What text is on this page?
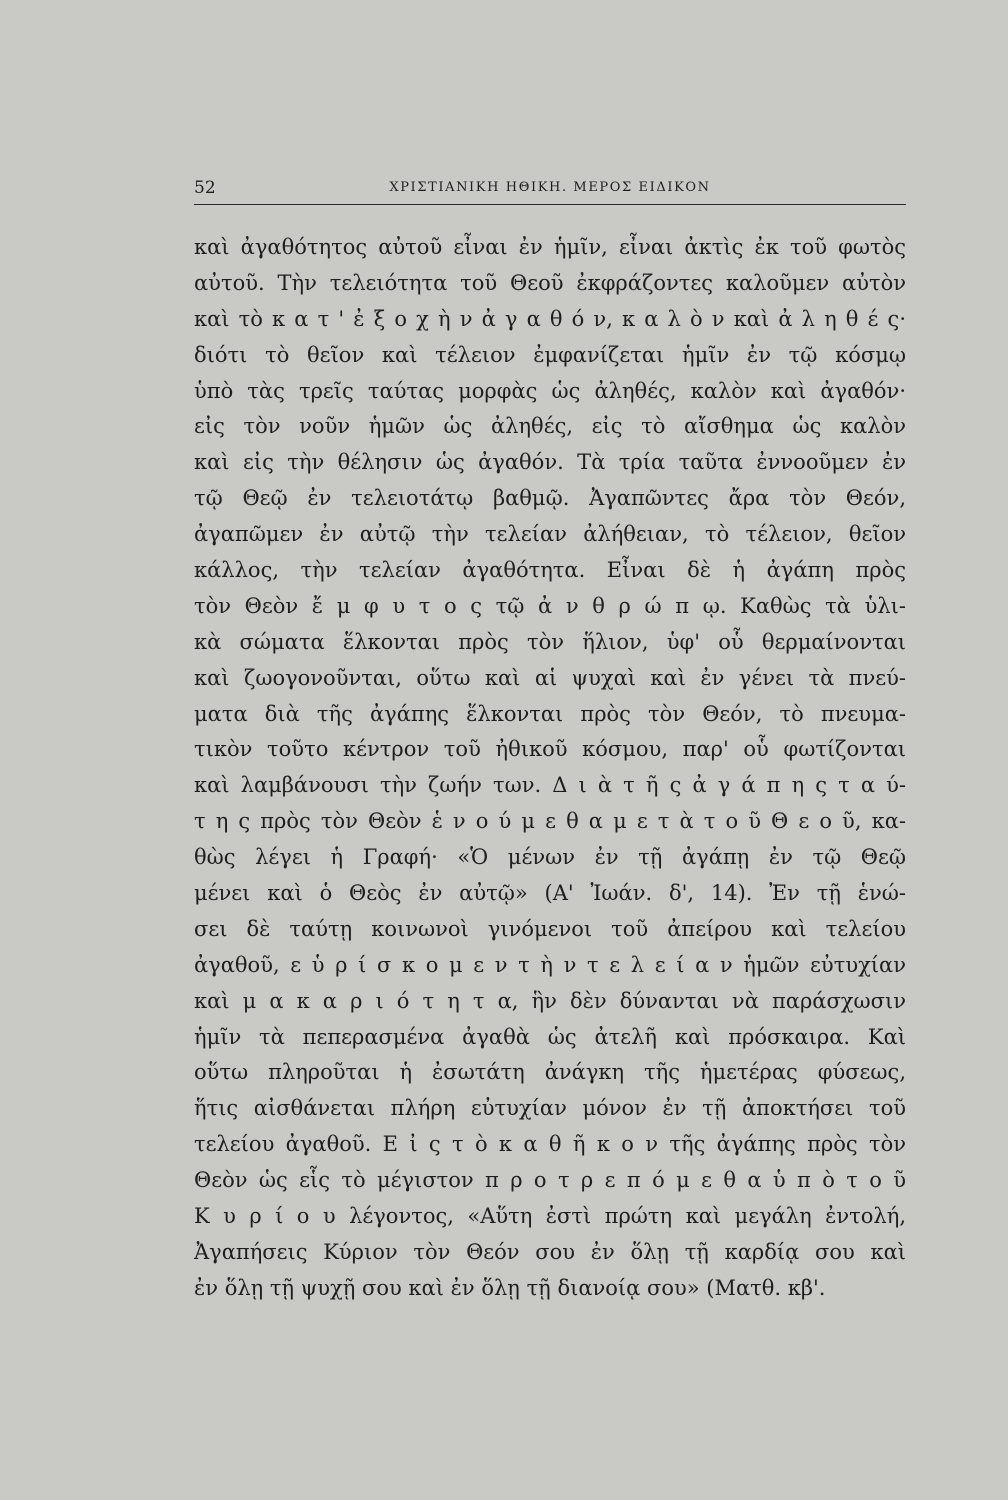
52	ΧΡΙΣΤΙΑΝΙΚΗ ΗΘΙΚΗ. ΜΕΡΟΣ ΕΙΔΙΚΟΝ
καὶ ἀγαθότητος αὐτοῦ εἶναι ἐν ἡμῖν, εἶναι ἀκτὶς ἐκ τοῦ φωτὸς
αὐτοῦ. Τὴν τελειότητα τοῦ Θεοῦ ἐκφράζοντες καλοῦμεν αὐτὸν
καὶ τὸ κ α τ ' ἐ ξ ο χ ὴ ν ἀ γ α θ ό ν, κ α λ ὸ ν καὶ ἀ λ η θ έ ς·
διότι τὸ θεῖον καὶ τέλειον ἐμφανίζεται ἡμῖν ἐν τῷ κόσμῳ
ὑπὸ τὰς τρεῖς ταύτας μορφὰς ὡς ἀληθές, καλὸν καὶ ἀγαθόν·
εἰς τὸν νοῦν ἡμῶν ὡς ἀληθές, εἰς τὸ αἴσθημα ὡς καλὸν
καὶ εἰς τὴν θέλησιν ὡς ἀγαθόν. Τὰ τρία ταῦτα ἐννοοῦμεν ἐν
τῷ Θεῷ ἐν τελειοτάτῳ βαθμῷ. Ἀγαπῶντες ἄρα τὸν Θεόν,
ἀγαπῶμεν ἐν αὐτῷ τὴν τελείαν ἀλήθειαν, τὸ τέλειον, θεῖον
κάλλος, τὴν τελείαν ἀγαθότητα. Εἶναι δὲ ἡ ἀγάπη πρὸς
τὸν Θεὸν ἔ μ φ υ τ ο ς τῷ ἀ ν θ ρ ώ π ῳ. Καθὼς τὰ ὑλι-
κὰ σώματα ἕλκονται πρὸς τὸν ἥλιον, ὑφ' οὗ θερμαίνονται
καὶ ζωογονοῦνται, οὕτω καὶ αἱ ψυχαὶ καὶ ἐν γένει τὰ πνεύ-
ματα διὰ τῆς ἀγάπης ἕλκονται πρὸς τὸν Θεόν, τὸ πνευμα-
τικὸν τοῦτο κέντρον τοῦ ἠθικοῦ κόσμου, παρ' οὗ φωτίζονται
καὶ λαμβάνουσι τὴν ζωήν των. Δ ι ὰ τ ῆ ς ἀ γ ά π η ς τ α ύ-
τ η ς πρὸς τὸν Θεὸν ἑ ν ο ύ μ ε θ α μ ε τ ὰ τ ο ῦ Θ ε ο ῦ, κα-
θὼς λέγει ἡ Γραφή· «Ὁ μένων ἐν τῇ ἀγάπῃ ἐν τῷ Θεῷ
μένει καὶ ὁ Θεὸς ἐν αὐτῷ» (Α' Ἰωάν. δ', 14). Ἐν τῇ ἑνώ-
σει δὲ ταύτῃ κοινωνοὶ γινόμενοι τοῦ ἀπείρου καὶ τελείου
ἀγαθοῦ, ε ὑ ρ ί σ κ ο μ ε ν τ ὴ ν τ ε λ ε ί α ν ἡμῶν εὐτυχίαν
καὶ μ α κ α ρ ι ό τ η τ α, ἣν δὲν δύνανται νὰ παράσχωσιν
ἡμῖν τὰ πεπερασμένα ἀγαθὰ ὡς ἀτελῆ καὶ πρόσκαιρα. Καὶ
οὕτω πληροῦται ἡ ἐσωτάτη ἀνάγκη τῆς ἡμετέρας φύσεως,
ἥτις αἰσθάνεται πλήρη εὐτυχίαν μόνον ἐν τῇ ἀποκτήσει τοῦ
τελείου ἀγαθοῦ. Ε ἰ ς τ ὸ κ α θ ῆ κ ο ν τῆς ἀγάπης πρὸς τὸν
Θεὸν ὡς εἷς τὸ μέγιστον π ρ ο τ ρ ε π ό μ ε θ α ὑ π ὸ τ ο ῦ
Κ υ ρ ί ο υ λέγοντος, «Αὕτη ἐστὶ πρώτη καὶ μεγάλη ἐντολή,
Ἀγαπήσεις Κύριον τὸν Θεόν σου ἐν ὅλῃ τῇ καρδίᾳ σου καὶ
ἐν ὅλῃ τῇ ψυχῇ σου καὶ ἐν ὅλῃ τῇ διανοίᾳ σου» (Ματθ. κβ'.
